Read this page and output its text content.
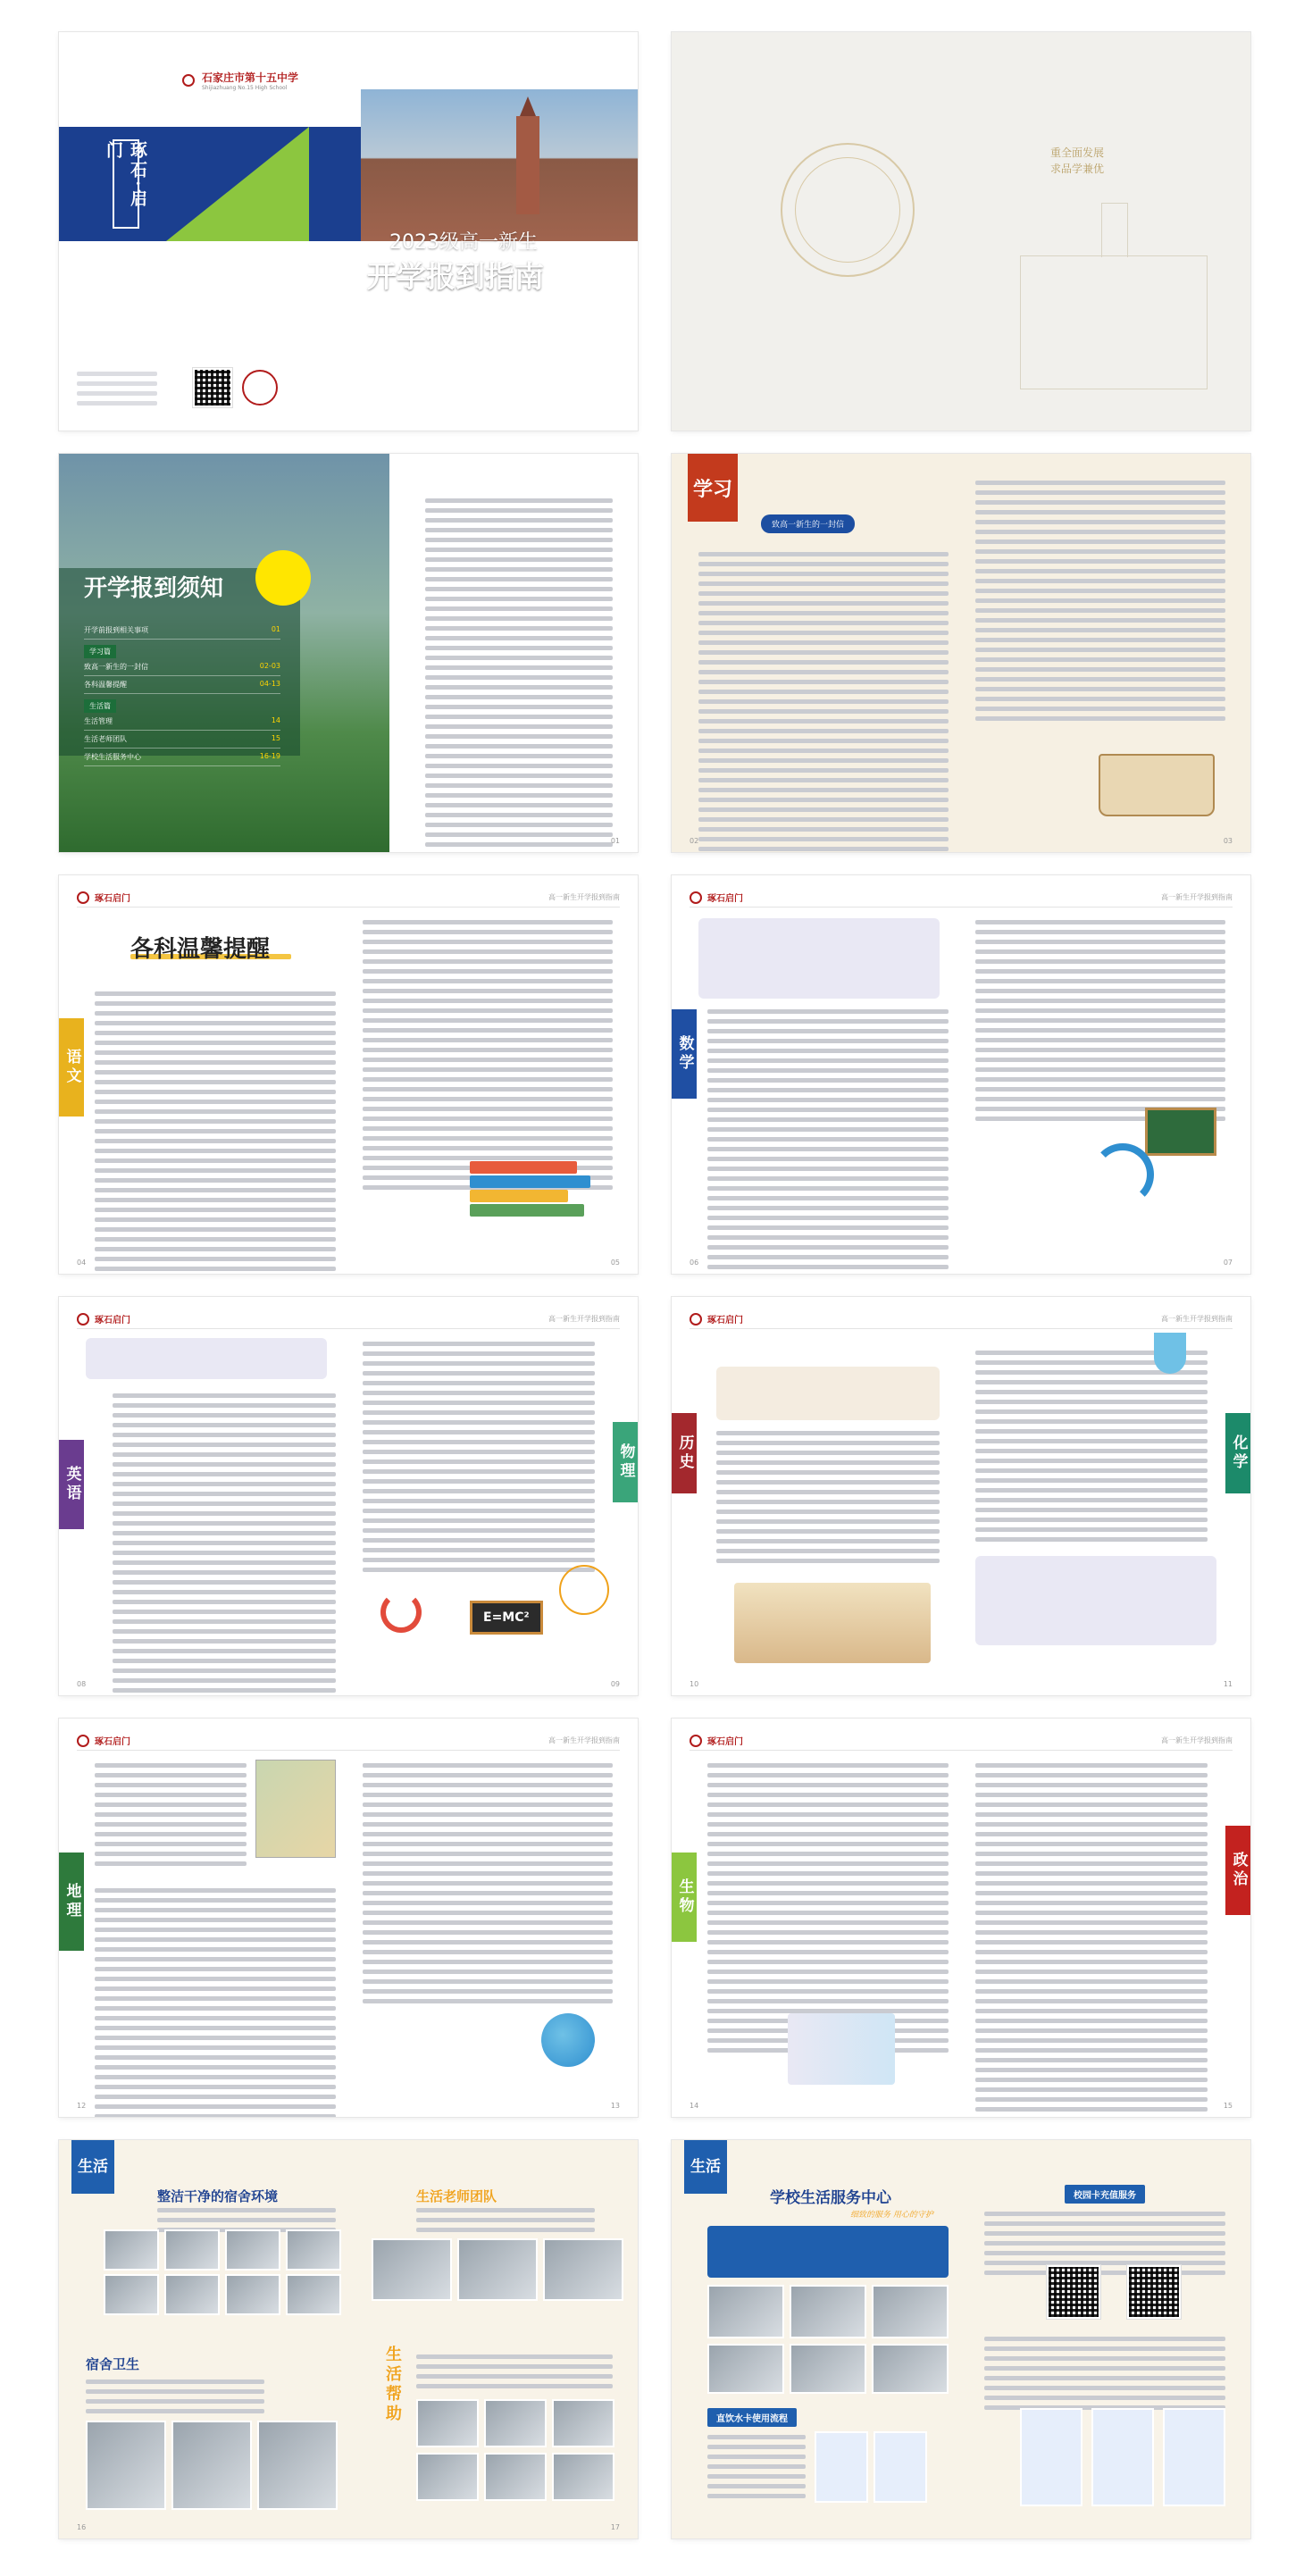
石家庄市第十五中学
Shijiazhuang No.15 High School
琢石·启门
2023级高一新生
开学报到指南
重全面发展
求品学兼优
开学报到须知
开学前报到相关事项	01
学习篇
致高一新生的一封信	02-03
各科温馨提醒	04-13
生活篇
生活管理	14
生活老师团队	15
学校生活服务中心	16-19
01
学习
致高一新生的一封信
02	03
琢石启门	高一新生开学报到指南
各科温馨提醒
语文
04	05
琢石启门	高一新生开学报到指南
数学
06	07
琢石启门	高一新生开学报到指南
英语
物理
E=MC²
08	09
琢石启门	高一新生开学报到指南
历史	化学
10	11
琢石启门	高一新生开学报到指南
地理
12	13
琢石启门	高一新生开学报到指南
生物
政治
14	15
生活
整洁干净的宿舍环境
宿舍卫生
生活老师团队
生活帮助
16	17
生活
学校生活服务中心
细致的服务 用心的守护
直饮水卡使用流程
校园卡充值服务
